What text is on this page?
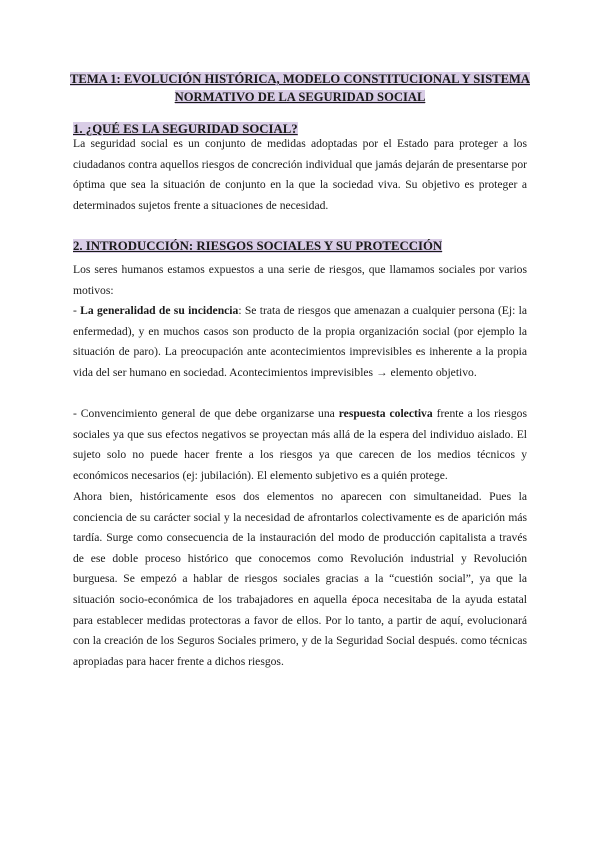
TEMA 1: EVOLUCIÓN HISTÓRICA, MODELO CONSTITUCIONAL Y SISTEMA
NORMATIVO DE LA SEGURIDAD SOCIAL
1. ¿QUÉ ES LA SEGURIDAD SOCIAL?

La seguridad social es un conjunto de medidas adoptadas por el Estado para proteger a los ciudadanos contra aquellos riesgos de concreción individual que jamás dejarán de presentarse por óptima que sea la situación de conjunto en la que la sociedad viva. Su objetivo es proteger a determinados sujetos frente a situaciones de necesidad.

2. INTRODUCCIÓN: RIESGOS SOCIALES Y SU PROTECCIÓN

Los seres humanos estamos expuestos a una serie de riesgos, que llamamos sociales por varios motivos:

- La generalidad de su incidencia: Se trata de riesgos que amenazan a cualquier persona (Ej: la enfermedad), y en muchos casos son producto de la propia organización social (por ejemplo la situación de paro). La preocupación ante acontecimientos imprevisibles es inherente a la propia vida del ser humano en sociedad. Acontecimientos imprevisibles → elemento objetivo.

- Convencimiento general de que debe organizarse una respuesta colectiva frente a los riesgos sociales ya que sus efectos negativos se proyectan más allá de la espera del individuo aislado. El sujeto solo no puede hacer frente a los riesgos ya que carecen de los medios técnicos y económicos necesarios (ej: jubilación). El elemento subjetivo es a quién protege.

Ahora bien, históricamente esos dos elementos no aparecen con simultaneidad. Pues la conciencia de su carácter social y la necesidad de afrontarlos colectivamente es de aparición más tardía. Surge como consecuencia de la instauración del modo de producción capitalista a través de ese doble proceso histórico que conocemos como Revolución industrial y Revolución burguesa. Se empezó a hablar de riesgos sociales gracias a la “cuestión social”, ya que la situación socio-económica de los trabajadores en aquella época necesitaba de la ayuda estatal para establecer medidas protectoras a favor de ellos. Por lo tanto, a partir de aquí, evolucionará con la creación de los Seguros Sociales primero, y de la Seguridad Social después. como técnicas apropiadas para hacer frente a dichos riesgos.
